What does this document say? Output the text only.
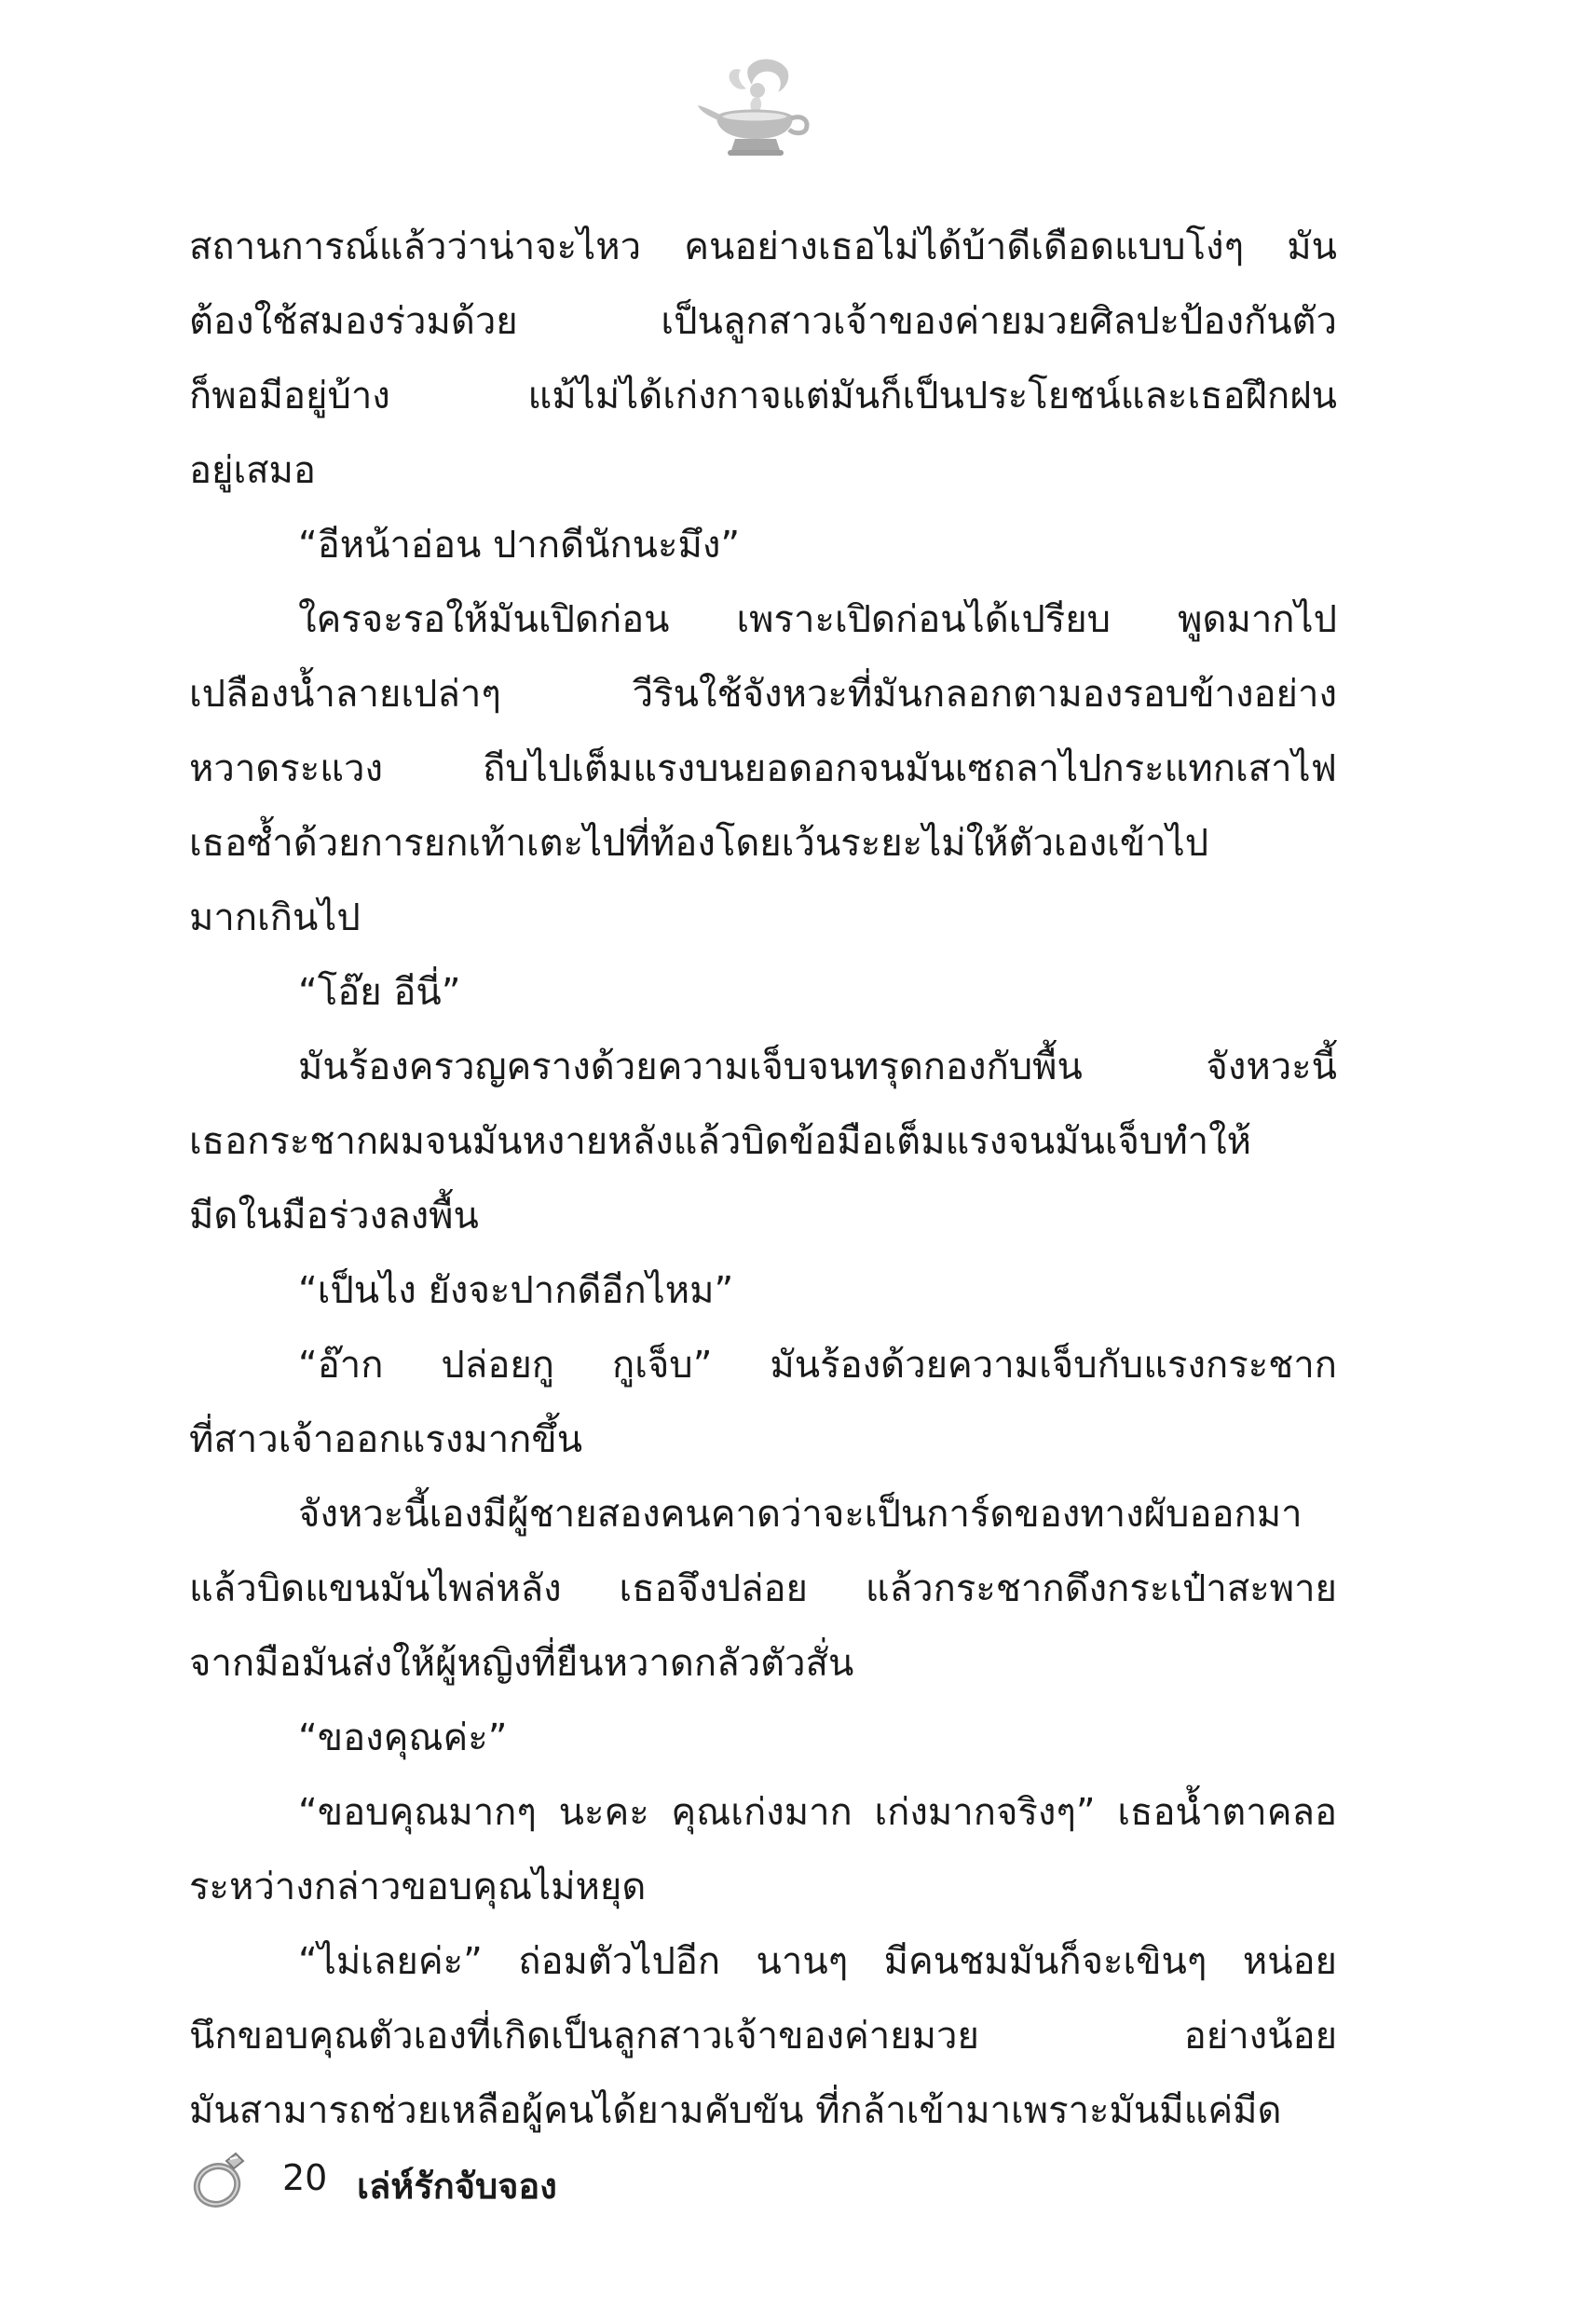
สถานการณ์แล้วว่าน่าจะไหว คนอย่างเธอไม่ได้บ้าดีเดือดแบบโง่ๆ มัน
ต้องใช้สมองร่วมด้วย เป็นลูกสาวเจ้าของค่ายมวยศิลปะป้องกันตัว
ก็พอมีอยู่บ้าง แม้ไม่ได้เก่งกาจแต่มันก็เป็นประโยชน์และเธอฝึกฝน
อยู่เสมอ
“อีหน้าอ่อน ปากดีนักนะมึง”
ใครจะรอให้มันเปิดก่อน เพราะเปิดก่อนได้เปรียบ พูดมากไป
เปลืองน้ำลายเปล่าๆ วีรินใช้จังหวะที่มันกลอกตามองรอบข้างอย่าง
หวาดระแวง ถีบไปเต็มแรงบนยอดอกจนมันเซถลาไปกระแทกเสาไฟ
เธอซ้ำด้วยการยกเท้าเตะไปที่ท้องโดยเว้นระยะไม่ให้ตัวเองเข้าไป
มากเกินไป
“โอ๊ย อีนี่”
มันร้องครวญครางด้วยความเจ็บจนทรุดกองกับพื้น จังหวะนี้
เธอกระชากผมจนมันหงายหลังแล้วบิดข้อมือเต็มแรงจนมันเจ็บทำให้
มีดในมือร่วงลงพื้น
“เป็นไง ยังจะปากดีอีกไหม”
“อ๊าก ปล่อยกู กูเจ็บ” มันร้องด้วยความเจ็บกับแรงกระชาก
ที่สาวเจ้าออกแรงมากขึ้น
จังหวะนี้เองมีผู้ชายสองคนคาดว่าจะเป็นการ์ดของทางผับออกมา
แล้วบิดแขนมันไพล่หลัง เธอจึงปล่อย แล้วกระชากดึงกระเป๋าสะพาย
จากมือมันส่งให้ผู้หญิงที่ยืนหวาดกลัวตัวสั่น
“ของคุณค่ะ”
“ขอบคุณมากๆ นะคะ คุณเก่งมาก เก่งมากจริงๆ” เธอน้ำตาคลอ
ระหว่างกล่าวขอบคุณไม่หยุด
“ไม่เลยค่ะ” ถ่อมตัวไปอีก นานๆ มีคนชมมันก็จะเขินๆ หน่อย
นึกขอบคุณตัวเองที่เกิดเป็นลูกสาวเจ้าของค่ายมวย อย่างน้อย
มันสามารถช่วยเหลือผู้คนได้ยามคับขัน ที่กล้าเข้ามาเพราะมันมีแค่มีด
20 เล่ห์รักจับจอง
